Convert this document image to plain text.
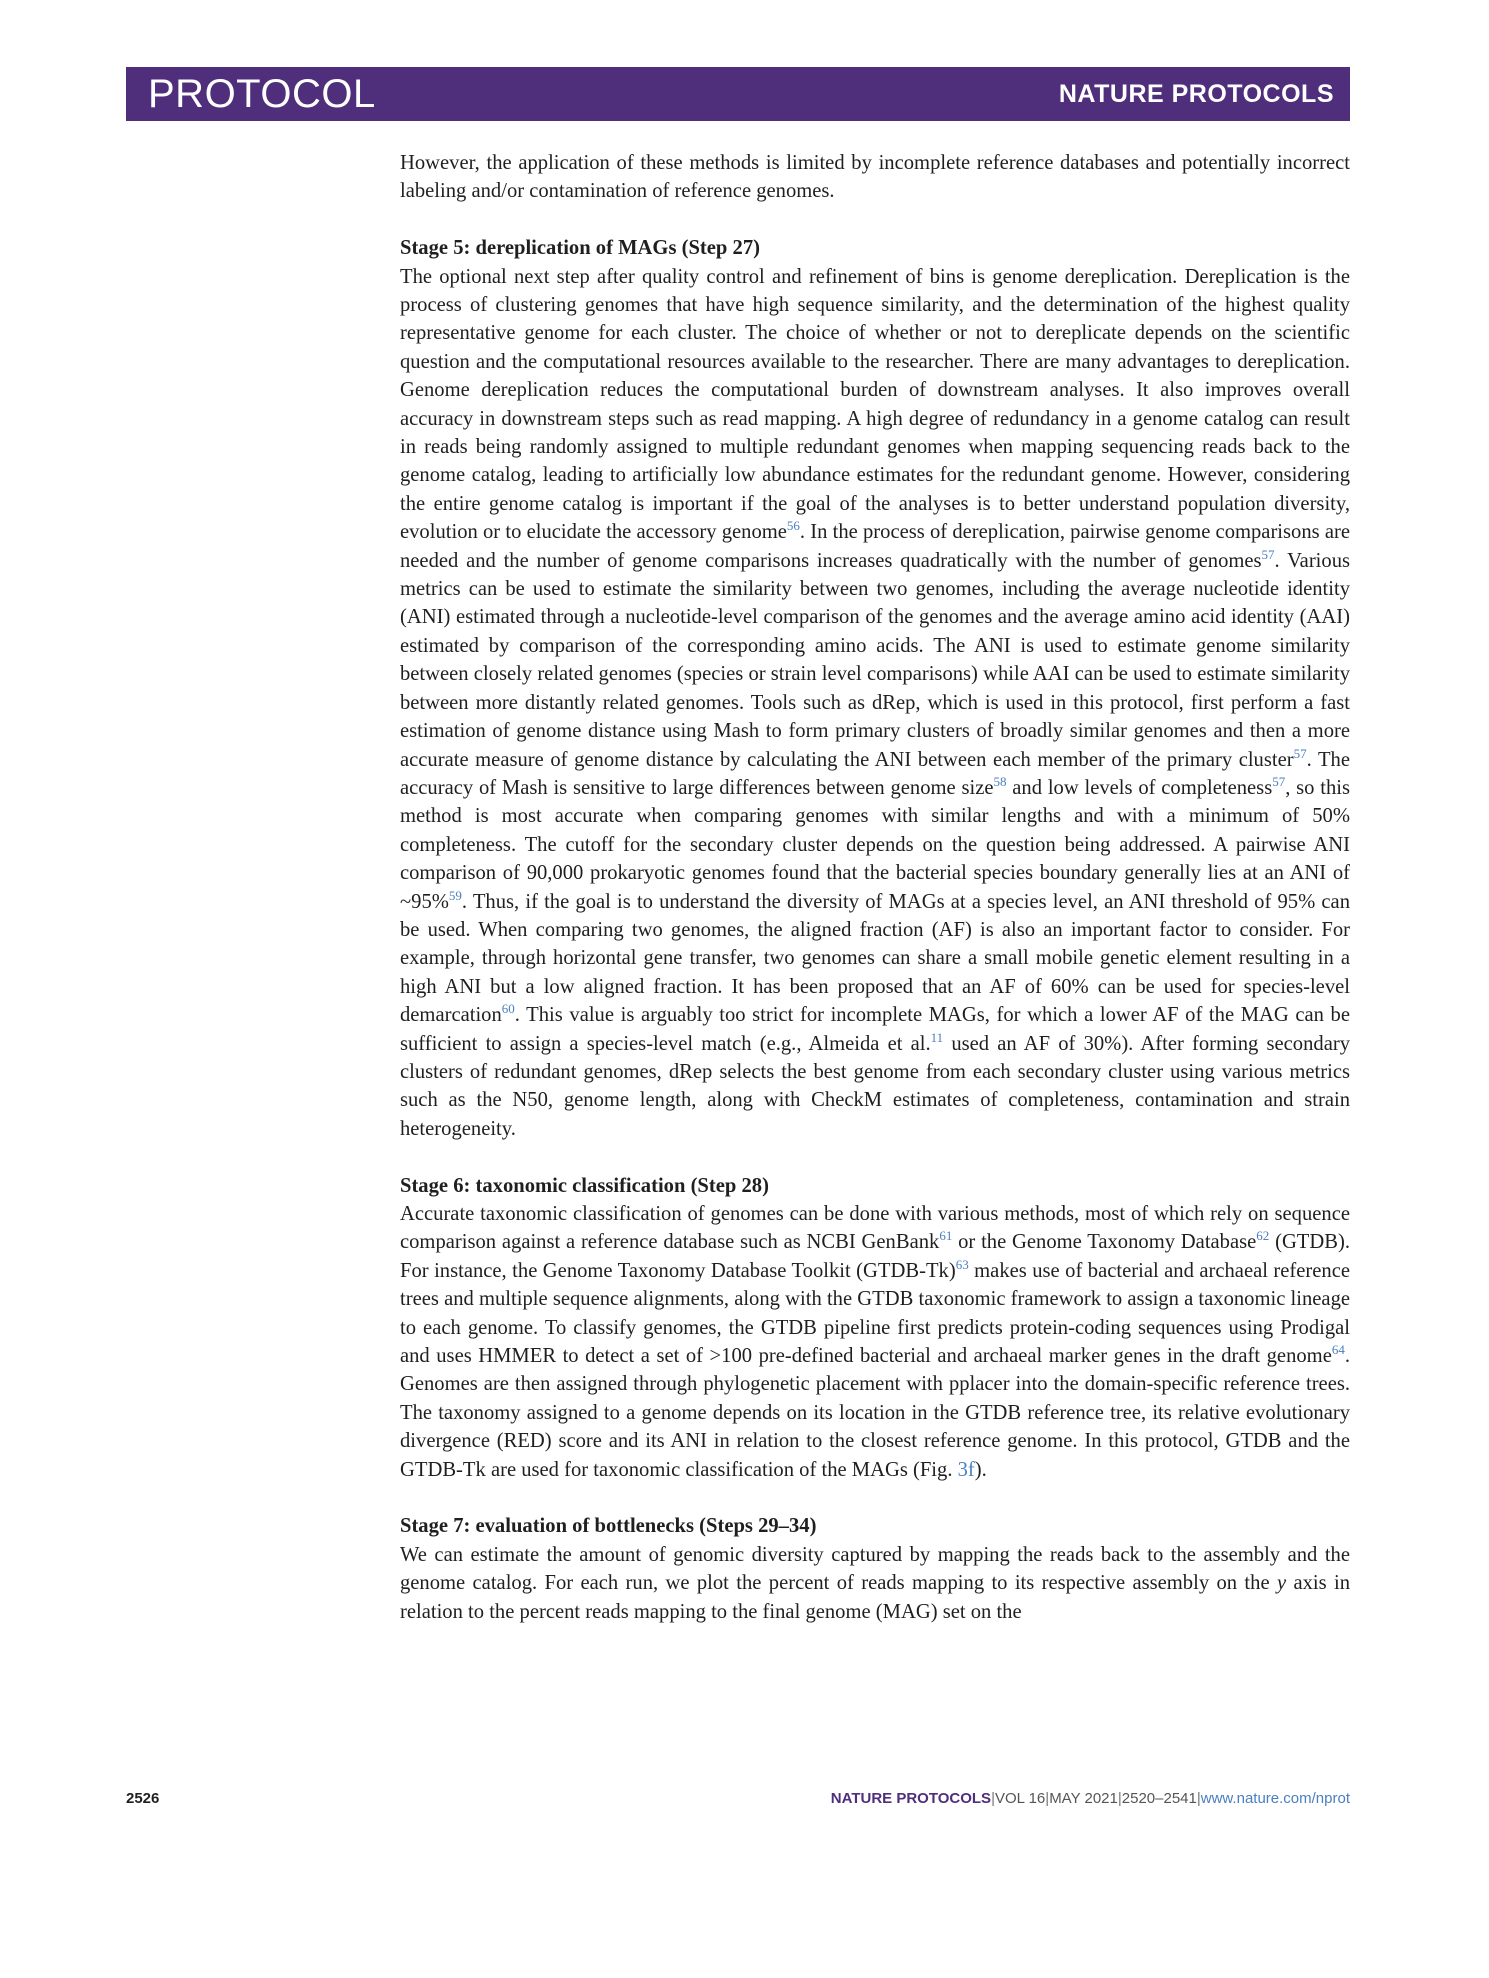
PROTOCOL	NATURE PROTOCOLS

However, the application of these methods is limited by incomplete reference databases and potentially incorrect labeling and/or contamination of reference genomes.

Stage 5: dereplication of MAGs (Step 27)

The optional next step after quality control and refinement of bins is genome dereplication. Dereplication is the process of clustering genomes that have high sequence similarity, and the determination of the highest quality representative genome for each cluster. The choice of whether or not to dereplicate depends on the scientific question and the computational resources available to the researcher. There are many advantages to dereplication. Genome dereplication reduces the computational burden of downstream analyses. It also improves overall accuracy in downstream steps such as read mapping. A high degree of redundancy in a genome catalog can result in reads being randomly assigned to multiple redundant genomes when mapping sequencing reads back to the genome catalog, leading to artificially low abundance estimates for the redundant genome. However, considering the entire genome catalog is important if the goal of the analyses is to better understand population diversity, evolution or to elucidate the accessory genome$^{56}$. In the process of dereplication, pairwise genome comparisons are needed and the number of genome comparisons increases quadratically with the number of genomes$^{57}$. Various metrics can be used to estimate the similarity between two genomes, including the average nucleotide identity (ANI) estimated through a nucleotide-level comparison of the genomes and the average amino acid identity (AAI) estimated by comparison of the corresponding amino acids. The ANI is used to estimate genome similarity between closely related genomes (species or strain level comparisons) while AAI can be used to estimate similarity between more distantly related genomes. Tools such as dRep, which is used in this protocol, first perform a fast estimation of genome distance using Mash to form primary clusters of broadly similar genomes and then a more accurate measure of genome distance by calculating the ANI between each member of the primary cluster$^{57}$. The accuracy of Mash is sensitive to large differences between genome size$^{58}$ and low levels of completeness$^{57}$, so this method is most accurate when comparing genomes with similar lengths and with a minimum of 50% completeness. The cutoff for the secondary cluster depends on the question being addressed. A pairwise ANI comparison of 90,000 prokaryotic genomes found that the bacterial species boundary generally lies at an ANI of ~95%$^{59}$. Thus, if the goal is to understand the diversity of MAGs at a species level, an ANI threshold of 95% can be used. When comparing two genomes, the aligned fraction (AF) is also an important factor to consider. For example, through horizontal gene transfer, two genomes can share a small mobile genetic element resulting in a high ANI but a low aligned fraction. It has been proposed that an AF of 60% can be used for species-level demarcation$^{60}$. This value is arguably too strict for incomplete MAGs, for which a lower AF of the MAG can be sufficient to assign a species-level match (e.g., Almeida et al.$^{11}$ used an AF of 30%). After forming secondary clusters of redundant genomes, dRep selects the best genome from each secondary cluster using various metrics such as the N50, genome length, along with CheckM estimates of completeness, contamination and strain heterogeneity.

Stage 6: taxonomic classification (Step 28)

Accurate taxonomic classification of genomes can be done with various methods, most of which rely on sequence comparison against a reference database such as NCBI GenBank$^{61}$ or the Genome Taxonomy Database$^{62}$ (GTDB). For instance, the Genome Taxonomy Database Toolkit (GTDB-Tk)$^{63}$ makes use of bacterial and archaeal reference trees and multiple sequence alignments, along with the GTDB taxonomic framework to assign a taxonomic lineage to each genome. To classify genomes, the GTDB pipeline first predicts protein-coding sequences using Prodigal and uses HMMER to detect a set of >100 pre-defined bacterial and archaeal marker genes in the draft genome$^{64}$. Genomes are then assigned through phylogenetic placement with pplacer into the domain-specific reference trees. The taxonomy assigned to a genome depends on its location in the GTDB reference tree, its relative evolutionary divergence (RED) score and its ANI in relation to the closest reference genome. In this protocol, GTDB and the GTDB-Tk are used for taxonomic classification of the MAGs (Fig. 3f).

Stage 7: evaluation of bottlenecks (Steps 29–34)

We can estimate the amount of genomic diversity captured by mapping the reads back to the assembly and the genome catalog. For each run, we plot the percent of reads mapping to its respective assembly on the y axis in relation to the percent reads mapping to the final genome (MAG) set on the

2526	NATURE PROTOCOLS|VOL 16|MAY 2021|2520–2541|www.nature.com/nprot
